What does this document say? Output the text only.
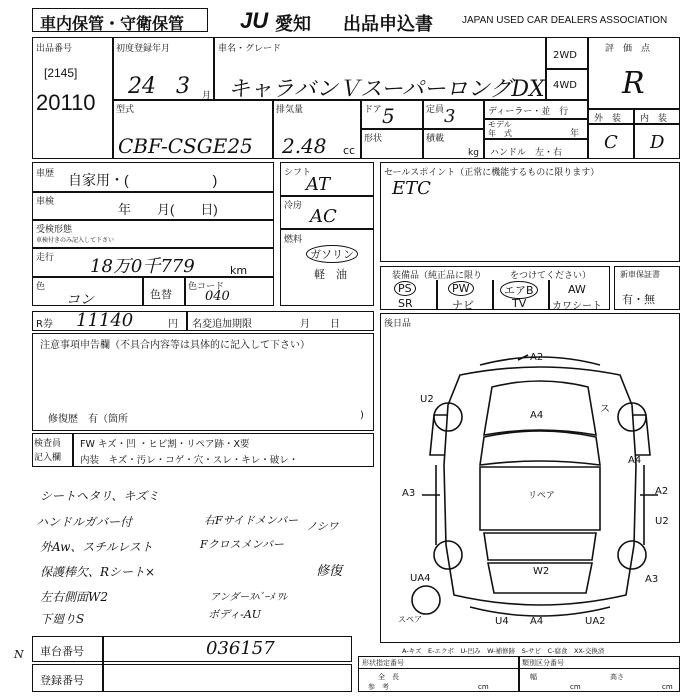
車内保管・守衛保管	JU 愛知 出品申込書	JAPAN USED CAR DEALERS ASSOCIATION
出品番号
[2145]
20110
初度登録年月
24 3 月
車名・グレード
キャラバンＶスーパーロングDX
2WD
4WD
評　価　点
R
型式
CBF-CSGE25
排気量
2.48 cc
ドア 5	定員 3
形状	積載
kg
ディーラー・並　行
モデル
年　式	年
ハンドル　左・右
外　装 内　装
C D
車歴 自家用・(　　　　　　)
車検	年　　月(　　日)
受検形態
車検付きのみ記入して下さい
走行 18万0千779	km
色
コン	色替
色コード
040
シフト
AT
冷房 AC
燃料
ガソリン
軽　油
セールスポイント（正常に機能するものに限ります）
ETC
装備品（純正品に限り	をつけてください）
PS	PW	エアB	AW
SR	ナビ	TV	カワシート
新車保証書
有・無
R券 11140	円 名変追加期限	月　　日	後日品
注意事項申告欄（不具合内容等は具体的に記入して下さい）
修復歴　有（箇所	)
検査員
記入欄
FW キズ・凹 ・ヒビ割・リペア跡・X要
内装　キズ・汚レ・コゲ・穴・スレ・キレ・破レ・
シートヘタリ、キズミ
ハンドルガバー付
外Aw、スチルレスト
保護棒欠、Rシート×
左右側面W2
下廻りS
右Fサイドメンバー ノシワ
Fクロスメンバー
修復
アンダーｽﾍﾞｰﾒ ﾜﾚ
ボディ-AU
車台番号	036157
登録番号
A-キズ　E-エクボ　U-凹み　W-補修跡　S-サビ　C-腐食　XX-交換済
形状指定番号	類別区分番号
全　長
cm
幅
cm
高さ
cm
参　考
N
A2
U2
A4
A3	A2
リペア
W2
UA4	A3
U4 A4	UA2
U2
A4
ス
スペア
